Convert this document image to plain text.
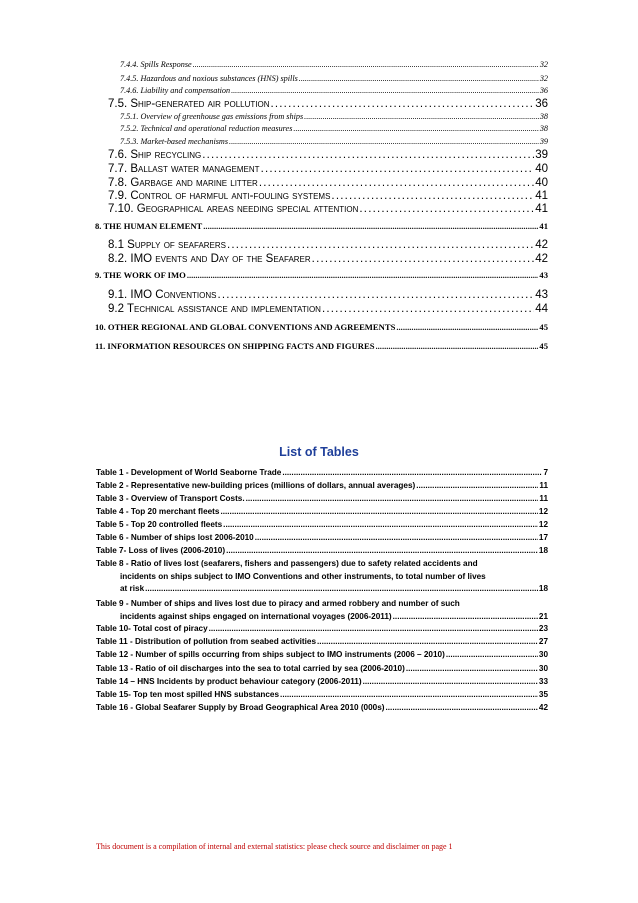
7.4.4. Spills Response .....	32
7.4.5. Hazardous and noxious substances (HNS) spills .....	32
7.4.6. Liability and compensation .....	36
7.5. Ship-generated air pollution .....	36
7.5.1. Overview of greenhouse gas emissions from ships .....	38
7.5.2. Technical and operational reduction measures .....	38
7.5.3. Market-based mechanisms .....	39
7.6. Ship recycling .....	39
7.7. Ballast water management .....	40
7.8. Garbage and marine litter .....	40
7.9. Control of harmful anti-fouling systems .....	41
7.10. Geographical areas needing special attention .....	41
8. THE HUMAN ELEMENT .....	41
8.1 Supply of seafarers .....	42
8.2. IMO events and Day of the Seafarer .....	42
9. THE WORK OF IMO .....	43
9.1. IMO Conventions .....	43
9.2 Technical assistance and implementation .....	44
10. OTHER REGIONAL AND GLOBAL CONVENTIONS AND AGREEMENTS .....	45
11. INFORMATION RESOURCES ON SHIPPING FACTS AND FIGURES .....	45
List of Tables
Table 1 - Development of World Seaborne Trade .....	7
Table 2 - Representative new-building prices (millions of dollars, annual averages) .....	11
Table 3 - Overview of Transport Costs. .....	11
Table 4 - Top 20 merchant fleets .....	12
Table 5 - Top 20 controlled fleets .....	12
Table 6 - Number of ships lost 2006-2010 .....	17
Table 7- Loss of lives (2006-2010) .....	18
Table 8 - Ratio of lives lost (seafarers, fishers and passengers) due to safety related accidents and
incidents on ships subject to IMO Conventions and other instruments, to total number of lives
at risk .....	18
Table 9 - Number of ships and lives lost due to piracy and armed robbery and number of such
incidents against ships engaged on international voyages (2006-2011) .....	21
Table 10- Total cost of piracy .....	23
Table 11 - Distribution of pollution from seabed activities .....	27
Table 12 - Number of spills occurring from ships subject to IMO instruments (2006 – 2010) .....	30
Table 13 - Ratio of oil discharges into the sea to total carried by sea (2006-2010) .....	30
Table 14 – HNS Incidents by product behaviour category (2006-2011) .....	33
Table 15- Top ten most spilled HNS substances .....	35
Table 16 - Global Seafarer Supply by Broad Geographical Area 2010 (000s) .....	42
This document is a compilation of internal and external statistics: please check source and disclaimer on page 1
